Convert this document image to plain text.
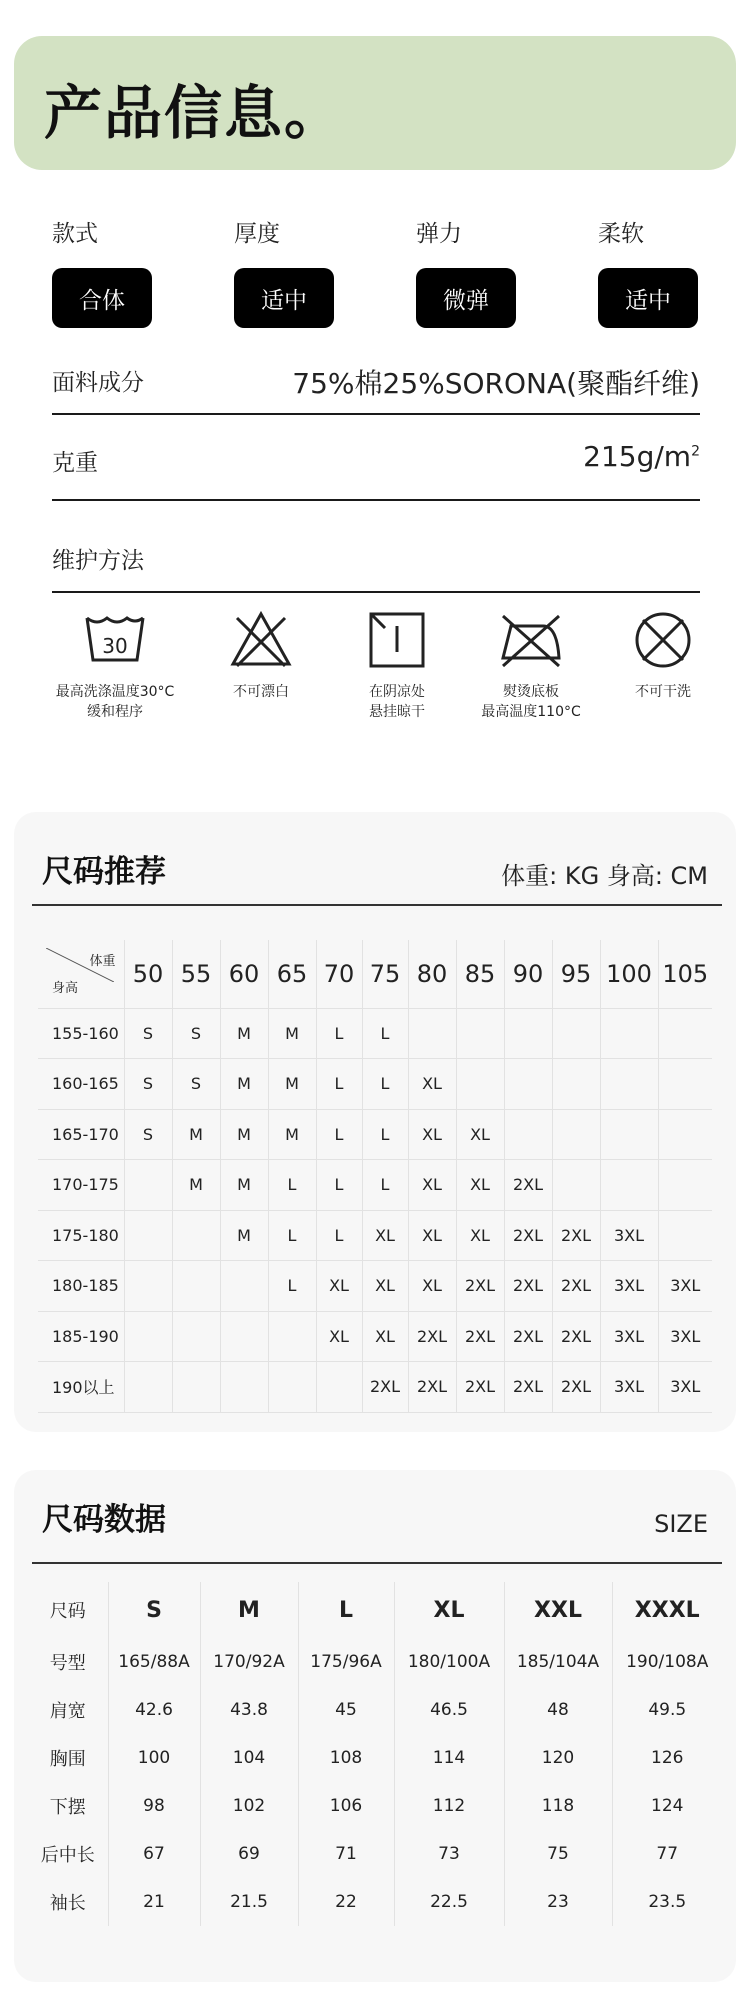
产品信息。
款式
合体
厚度
适中
弹力
微弹
柔软
适中
面料成分	75%棉25%SORONA(聚酯纤维)
克重	$215g/m^2$
维护方法
30
最高洗涤温度30°C
缓和程序
不可漂白	在阴凉处
悬挂晾干
熨烫底板
最高温度110°C
不可干洗
尺码推荐	体重: KG 身高: CM
体重
身高	50	55	60	65	70	75	80	85	90	95	100	105
155-160	S	S	M	M	L	L						
160-165	S	S	M	M	L	L	XL					
165-170	S	M	M	M	L	L	XL	XL				
170-175		M	M	L	L	L	XL	XL	2XL			
175-180			M	L	L	XL	XL	XL	2XL	2XL	3XL	
180-185				L	XL	XL	XL	2XL	2XL	2XL	3XL	3XL
185-190					XL	XL	2XL	2XL	2XL	2XL	3XL	3XL
190以上						2XL	2XL	2XL	2XL	2XL	3XL	3XL
尺码数据	SIZE
尺码	S	M	L	XL	XXL	XXXL
号型	165/88A	170/92A	175/96A	180/100A	185/104A	190/108A
肩宽	42.6	43.8	45	46.5	48	49.5
胸围	100	104	108	114	120	126
下摆	98	102	106	112	118	124
后中长	67	69	71	73	75	77
袖长	21	21.5	22	22.5	23	23.5
